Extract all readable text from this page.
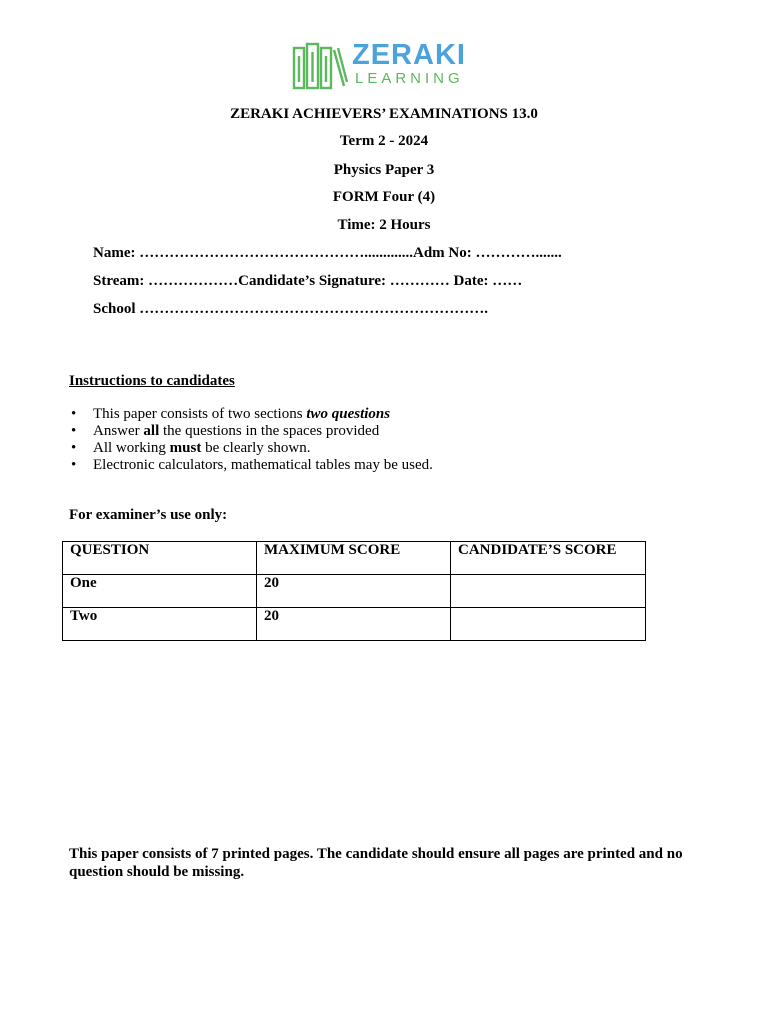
ZERAKI
LEARNING
ZERAKI ACHIEVERS’ EXAMINATIONS 13.0
Term 2 - 2024
Physics Paper 3
FORM Four (4)
Time: 2 Hours
Name: ……………………………………….............Adm No: ………….......
Stream: ………………Candidate’s Signature: ………… Date: ……
School …………………………………………………………….
Instructions to candidates
• This paper consists of two sections two questions
• Answer all the questions in the spaces provided
• All working must be clearly shown.
• Electronic calculators, mathematical tables may be used.
For examiner’s use only:
QUESTION	MAXIMUM SCORE	CANDIDATE’S SCORE
One	20	
Two	20	
This paper consists of 7 printed pages. The candidate should ensure all pages are printed and no question should be missing.
